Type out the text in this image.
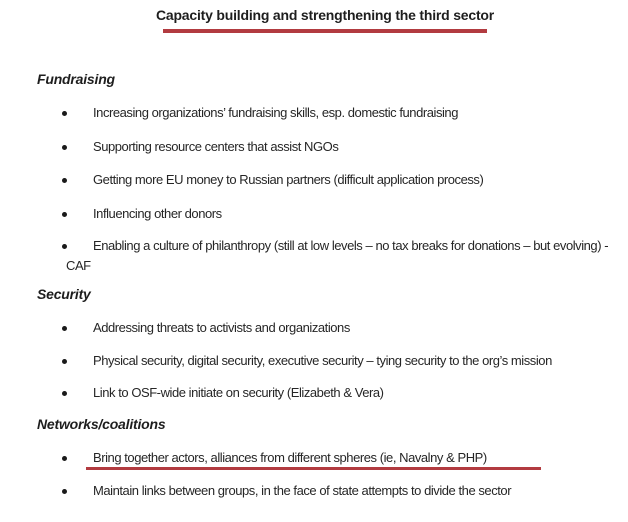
Capacity building and strengthening the third sector
Fundraising
Increasing organizations’ fundraising skills, esp. domestic fundraising
Supporting resource centers that assist NGOs
Getting more EU money to Russian partners (difficult application process)
Influencing other donors
Enabling a culture of philanthropy (still at low levels – no tax breaks for donations – but evolving) - CAF
Security
Addressing threats to activists and organizations
Physical security, digital security, executive security – tying security to the org’s mission
Link to OSF-wide initiate on security (Elizabeth & Vera)
Networks/coalitions
Bring together actors, alliances from different spheres (ie, Navalny & PHP)
Maintain links between groups, in the face of state attempts to divide the sector
